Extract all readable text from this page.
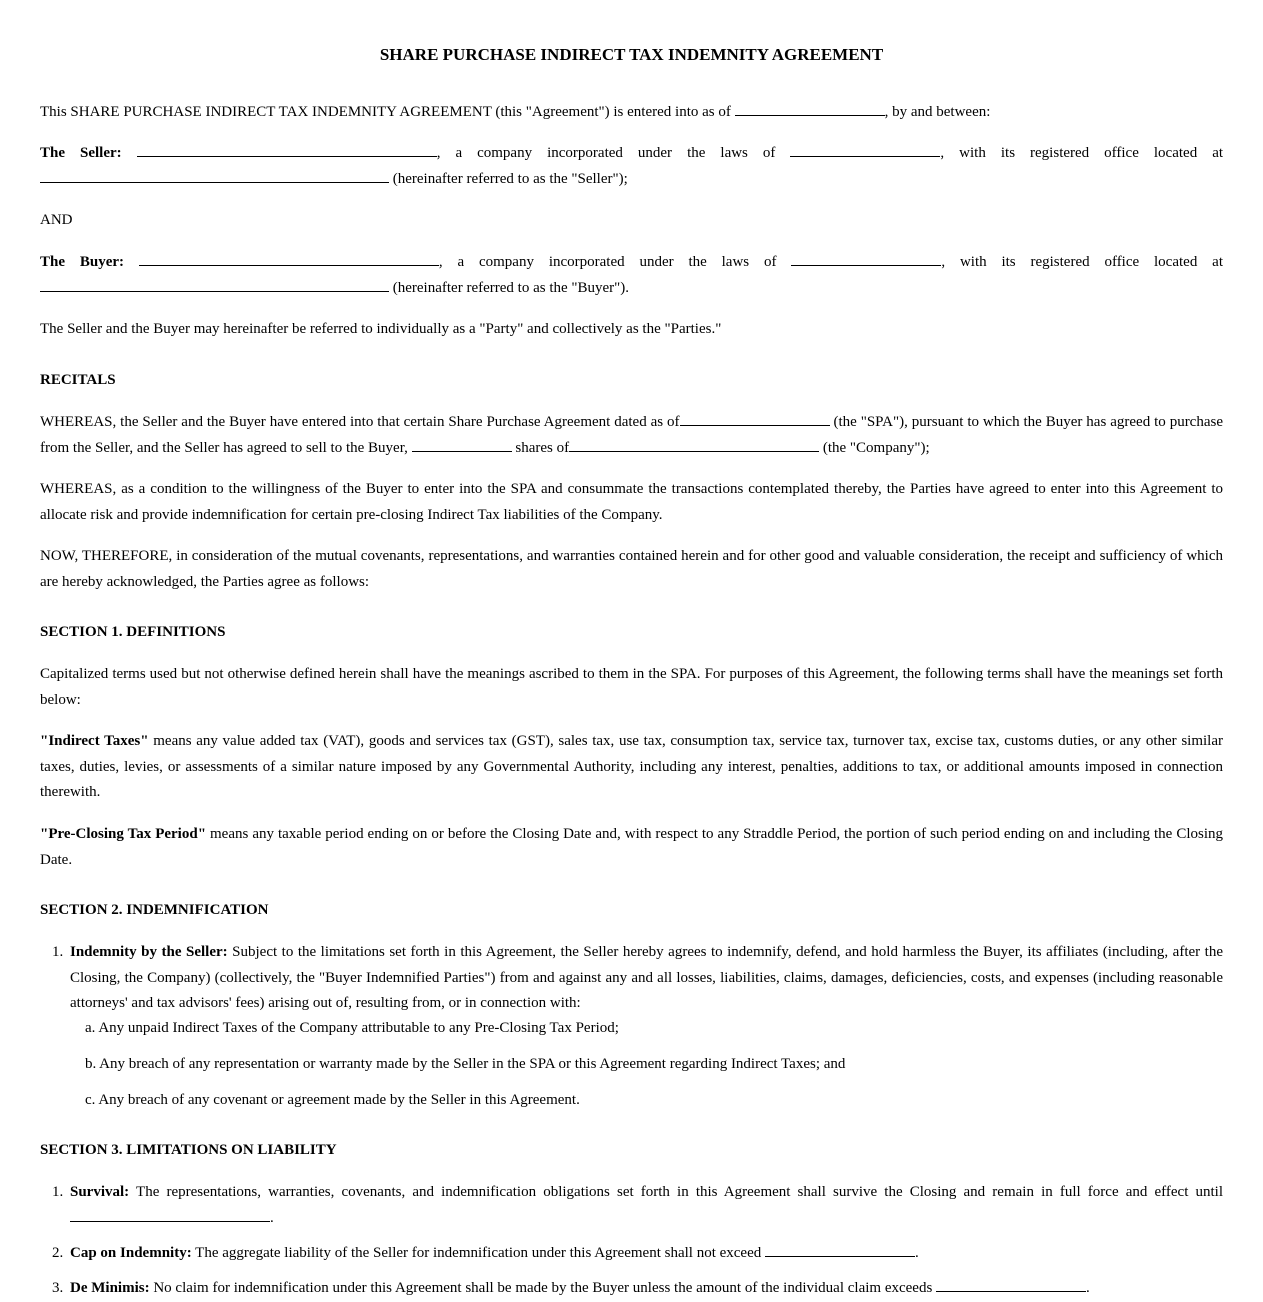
SHARE PURCHASE INDIRECT TAX INDEMNITY AGREEMENT
This SHARE PURCHASE INDIRECT TAX INDEMNITY AGREEMENT (this "Agreement") is entered into as of	, by and between:
The Seller:	, a company incorporated under the laws of	, with its registered office located at
(hereinafter referred to as the "Seller");
AND
The Buyer:	, a company incorporated under the laws of	, with its registered office located at
(hereinafter referred to as the "Buyer").
The Seller and the Buyer may hereinafter be referred to individually as a "Party" and collectively as the "Parties."
RECITALS
WHEREAS, the Seller and the Buyer have entered into that certain Share Purchase Agreement dated as of	(the "SPA"), pursuant to which the Buyer has agreed to purchase from the Seller, and the Seller has agreed to sell to the Buyer,	shares of	(the "Company");
WHEREAS, as a condition to the willingness of the Buyer to enter into the SPA and consummate the transactions contemplated thereby, the Parties have agreed to enter into this Agreement to allocate risk and provide indemnification for certain pre-closing Indirect Tax liabilities of the Company.
NOW, THEREFORE, in consideration of the mutual covenants, representations, and warranties contained herein and for other good and valuable consideration, the receipt and sufficiency of which are hereby acknowledged, the Parties agree as follows:
SECTION 1. DEFINITIONS
Capitalized terms used but not otherwise defined herein shall have the meanings ascribed to them in the SPA. For purposes of this Agreement, the following terms shall have the meanings set forth below:
"Indirect Taxes" means any value added tax (VAT), goods and services tax (GST), sales tax, use tax, consumption tax, service tax, turnover tax, excise tax, customs duties, or any other similar taxes, duties, levies, or assessments of a similar nature imposed by any Governmental Authority, including any interest, penalties, additions to tax, or additional amounts imposed in connection therewith.
"Pre-Closing Tax Period" means any taxable period ending on or before the Closing Date and, with respect to any Straddle Period, the portion of such period ending on and including the Closing Date.
SECTION 2. INDEMNIFICATION
1. Indemnity by the Seller: Subject to the limitations set forth in this Agreement, the Seller hereby agrees to indemnify, defend, and hold harmless the Buyer, its affiliates (including, after the Closing, the Company) (collectively, the "Buyer Indemnified Parties") from and against any and all losses, liabilities, claims, damages, deficiencies, costs, and expenses (including reasonable attorneys' and tax advisors' fees) arising out of, resulting from, or in connection with:
a. Any unpaid Indirect Taxes of the Company attributable to any Pre-Closing Tax Period;
b. Any breach of any representation or warranty made by the Seller in the SPA or this Agreement regarding Indirect Taxes; and
c. Any breach of any covenant or agreement made by the Seller in this Agreement.
SECTION 3. LIMITATIONS ON LIABILITY
1. Survival: The representations, warranties, covenants, and indemnification obligations set forth in this Agreement shall survive the Closing and remain in full force and effect until .
2. Cap on Indemnity: The aggregate liability of the Seller for indemnification under this Agreement shall not exceed	.
3. De Minimis: No claim for indemnification under this Agreement shall be made by the Buyer unless the amount of the individual claim exceeds	.
